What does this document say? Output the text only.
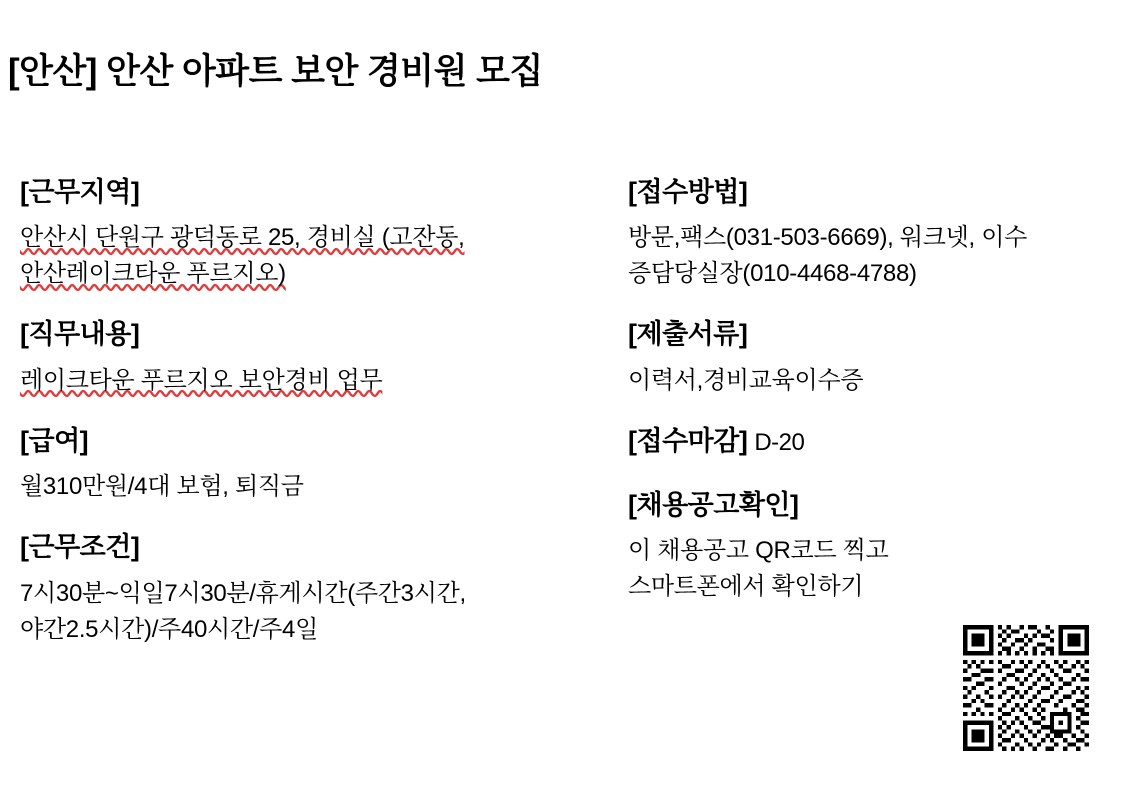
[안산] 안산 아파트 보안 경비원 모집
[근무지역]
안산시 단원구 광덕동로 25, 경비실 (고잔동,
안산레이크타운 푸르지오)
[직무내용]
레이크타운 푸르지오 보안경비 업무
[급여]
월310만원/4대 보험, 퇴직금
[근무조건]
7시30분~익일7시30분/휴게시간(주간3시간,
야간2.5시간)/주40시간/주4일
[접수방법]
방문,팩스(031-503-6669), 워크넷, 이수
증담당실장(010-4468-4788)
[제출서류]
이력서,경비교육이수증
[접수마감] D-20
[채용공고확인]
이 채용공고 QR코드 찍고
스마트폰에서 확인하기
